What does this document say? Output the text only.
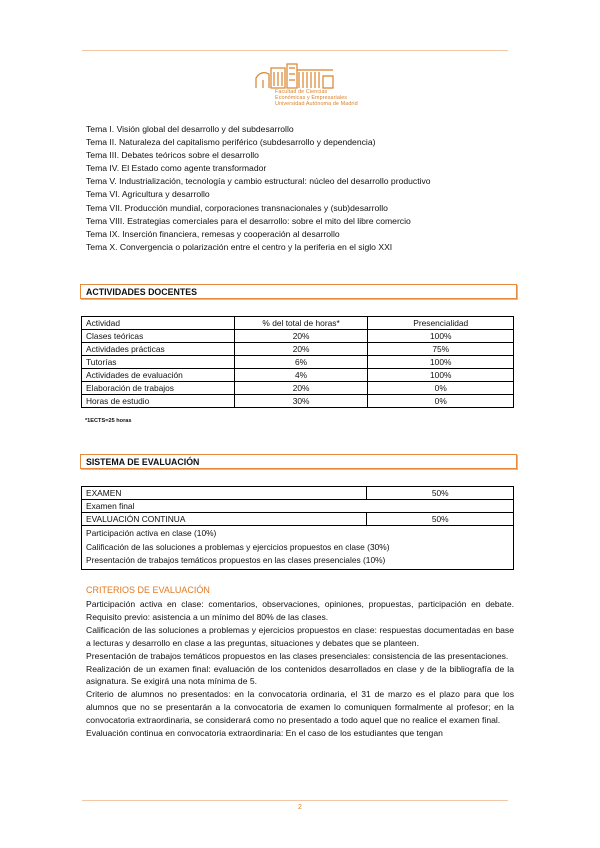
Facultad de Ciencias
Económicas y Empresariales
Universidad Autónoma de Madrid
Tema I. Visión global del desarrollo y del subdesarrollo
Tema II. Naturaleza del capitalismo periférico (subdesarrollo y dependencia)
Tema III. Debates teóricos sobre el desarrollo
Tema IV. El Estado como agente transformador
Tema V. Industrialización, tecnología y cambio estructural: núcleo del desarrollo productivo
Tema VI. Agricultura y desarrollo
Tema VII. Producción mundial, corporaciones transnacionales y (sub)desarrollo
Tema VIII. Estrategias comerciales para el desarrollo: sobre el mito del libre comercio
Tema IX. Inserción financiera, remesas y cooperación al desarrollo
Tema X. Convergencia o polarización entre el centro y la periferia en el siglo XXI
ACTIVIDADES DOCENTES
Actividad	% del total de horas*	Presencialidad
Clases teóricas	20%	100%
Actividades prácticas	20%	75%
Tutorías	6%	100%
Actividades de evaluación	4%	100%
Elaboración de trabajos	20%	0%
Horas de estudio	30%	0%
*1ECTS=25 horas
SISTEMA DE EVALUACIÓN
EXAMEN	50%
Examen final	
EVALUACIÓN CONTINUA	50%

Participación activa en clase (10%)
Calificación de las soluciones a problemas y ejercicios propuestos en clase (30%)
Presentación de trabajos temáticos propuestos en las clases presenciales (10%)	
CRITERIOS DE EVALUACIÓN

Participación activa en clase: comentarios, observaciones, opiniones, propuestas, participación en debate. Requisito previo: asistencia a un mínimo del 80% de las clases.

Calificación de las soluciones a problemas y ejercicios propuestos en clase: respuestas documentadas en base a lecturas y desarrollo en clase a las preguntas, situaciones y debates que se planteen.

Presentación de trabajos temáticos propuestos en las clases presenciales: consistencia de las presentaciones.

Realización de un examen final: evaluación de los contenidos desarrollados en clase y de la bibliografía de la asignatura. Se exigirá una nota mínima de 5.

Criterio de alumnos no presentados: en la convocatoria ordinaria, el 31 de marzo es el plazo para que los alumnos que no se presentarán a la convocatoria de examen lo comuniquen formalmente al profesor; en la convocatoria extraordinaria, se considerará como no presentado a todo aquel que no realice el examen final.

Evaluación continua en convocatoria extraordinaria: En el caso de los estudiantes que tengan

2
